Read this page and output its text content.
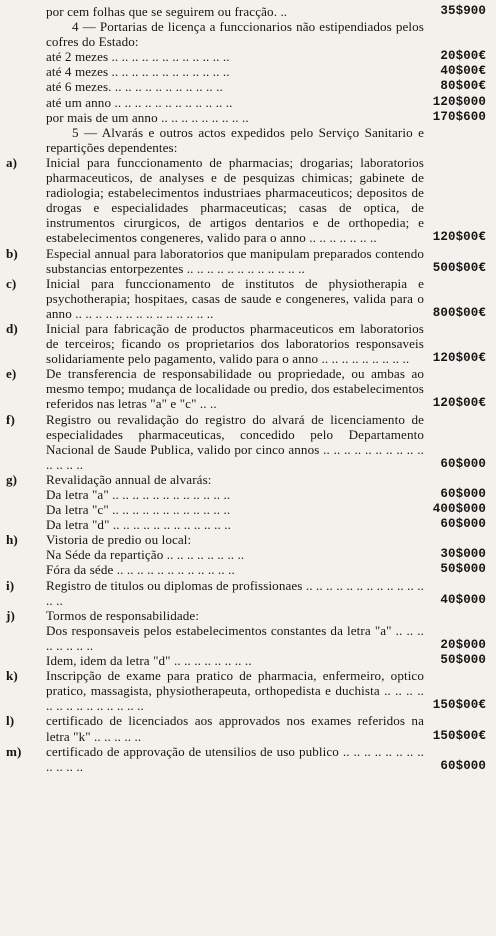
por cem folhas que se seguirem ou fracção. ..	35$900
4 — Portarias de licença a funccionarios não estipendiados pelos cofres do Estado:
até 2 mezes .. .. .. .. .. .. .. .. .. .. .. ..	20$00€
até 4 mezes .. .. .. .. .. .. .. .. .. .. .. ..	40$00€
até 6 mezes. .. .. .. .. .. .. .. .. .. .. ..	80$00€
até um anno .. .. .. .. .. .. .. .. .. .. .. ..	120$000
por mais de um anno .. .. .. .. .. .. .. .. ..	170$600
5 — Alvarás e outros actos expedidos pelo Serviço Sanitario e repartições dependentes:
a)	Inicial para funccionamento de pharmacias; drogarias; laboratorios pharmaceuticos, de analyses e de pesquizas chimicas; gabinete de radiologia; estabelecimentos industriaes pharmaceuticos; depositos de drogas e especialidades pharmaceuticas; casas de optica, de instrumentos cirurgicos, de artigos dentarios e de orthopedia; e estabelecimentos congeneres, valido para o anno .. .. .. .. .. .. ..	120$00€
b)	Especial annual para laboratorios que manipulam preparados contendo substancias entorpezentes .. .. .. .. .. .. .. .. .. .. .. ..	500$00€
c)	Inicial para funccionamento de institutos de physiotherapia e psychotherapia; hospitaes, casas de saude e congeneres, valida para o anno .. .. .. .. .. .. .. .. .. .. .. .. .. ..	800$00€
d)	Inicial para fabricação de productos pharmaceuticos em laboratorios de terceiros; ficando os proprietarios dos laboratorios responsaveis solidariamente pelo pagamento, valido para o anno .. .. .. .. .. .. .. .. ..	120$00€
e)	De transferencia de responsabilidade ou propriedade, ou ambas ao mesmo tempo; mudança de localidade ou predio, dos estabelecimentos referidos nas letras "a" e "c" .. ..	120$00€
f)	Registro ou revalidação do registro do alvará de licenciamento de especialidades pharmaceuticas, concedido pelo Departamento Nacional de Saude Publica, valido por cinco annos .. .. .. .. .. .. .. .. .. .. .. .. .. ..	60$000
g)	Revalidação annual de alvarás:
Da letra "a" .. .. .. .. .. .. .. .. .. .. .. ..	60$000
Da letra "c" .. .. .. .. .. .. .. .. .. .. .. ..	400$000
Da letra "d" .. .. .. .. .. .. .. .. .. .. .. ..	60$000
h)	Vistoria de predio ou local:
Na Séde da repartição .. .. .. .. .. .. .. ..	30$000
Fóra da séde .. .. .. .. .. .. .. .. .. .. .. ..	50$000
i)	Registro de titulos ou diplomas de profissionaes .. .. .. .. .. .. .. .. .. .. .. .. .. ..	40$000
j)	Tormos de responsabilidade:
Dos responsaveis pelos estabelecimentos constantes da letra "a" .. .. .. .. .. .. .. ..	20$000
Idem, idem da letra "d" .. .. .. .. .. .. .. ..	50$000
k)	Inscripção de exame para pratico de pharmacia, enfermeiro, optico pratico, massagista, physiotherapeuta, orthopedista e duchista .. .. .. .. .. .. .. .. .. .. .. .. .. ..	150$00€
l)	certificado de licenciados aos approvados nos exames referidos na letra "k" .. .. .. .. ..	150$00€
m)	certificado de approvação de utensilios de uso publico .. .. .. .. .. .. .. .. .. .. .. ..	60$000
